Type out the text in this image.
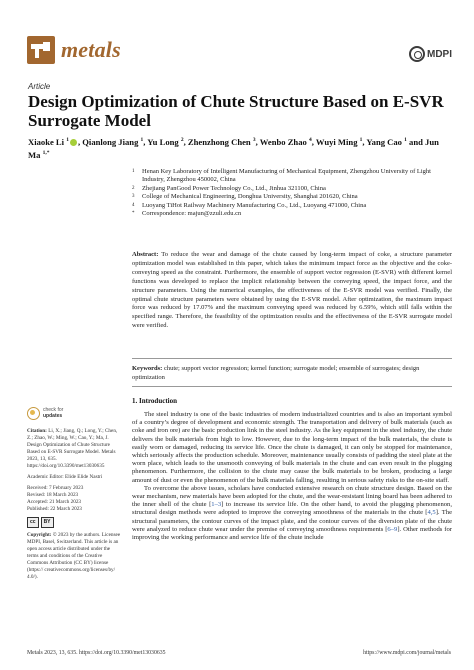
metals	MDPI
Article
Design Optimization of Chute Structure Based on E-SVR Surrogate Model
Xiaoke Li $^1$ , Qianlong Jiang $^1$, Yu Long $^2$, Zhenzhong Chen $^3$, Wenbo Zhao $^4$, Wuyi Ming $^1$, Yang Cao $^1$ and Jun Ma $^{1,*}$
1	Henan Key Laboratory of Intelligent Manufacturing of Mechanical Equipment, Zhengzhou University of Light Industry, Zhengzhou 450002, China
2	Zhejiang PanGood Power Technology Co., Ltd., Jinhua 321100, China
3	College of Mechanical Engineering, Donghua University, Shanghai 201620, China
4	Luoyang TiHot Railway Machinery Manufacturing Co., Ltd., Luoyang 471000, China
*	Correspondence: majun@zzuli.edu.cn
Abstract: To reduce the wear and damage of the chute caused by long-term impact of coke, a structure parameter optimization model was established in this paper, which takes the minimum impact force as the objective and the coke-conveying speed as the constraint. Furthermore, the ensemble of support vector regression (E-SVR) with different kernel functions was developed to replace the implicit relationship between the conveying speed, the impact force, and the structure parameters. Using the numerical examples, the effectiveness of the E-SVR model was verified. Finally, the optimal chute structure parameters were obtained by using the E-SVR model. After optimization, the maximum impact force was reduced by 17.07% and the maximum conveying speed was reduced by 6.59%, which still falls within the specified range. Therefore, the feasibility of the optimization results and the effectiveness of the E-SVR surrogate model were verified.
Keywords: chute; support vector regression; kernel function; surrogate model; ensemble of surrogates; design optimization
check for
updates
Citation: Li, X.; Jiang, Q.; Long, Y.; Chen, Z.; Zhao, W.; Ming, W.; Cao, Y.; Ma, J. Design Optimization of Chute Structure Based on E-SVR Surrogate Model. Metals 2023, 13, 635. https://doi.org/10.3390/met13030635
Academic Editor: Elide Elide Nastri
Received: 7 February 2023
Revised: 18 March 2023
Accepted: 21 March 2023
Published: 22 March 2023
cc	BY
Copyright: © 2023 by the authors. Licensee MDPI, Basel, Switzerland. This article is an open access article distributed under the terms and conditions of the Creative Commons Attribution (CC BY) license (https:// creativecommons.org/licenses/by/ 4.0/).
1. Introduction

The steel industry is one of the basic industries of modern industrialized countries and is also an important symbol of a country’s degree of development and economic strength. The transportation and delivery of bulk materials (such as coke and iron ore) are the basic production link in the steel industry. As the key equipment in the steel industry, the chute delivers the bulk materials from high to low. However, due to the long-term impact of the bulk materials, the chute is easily worn or damaged, reducing its service life. Once the chute is damaged, it can only be stopped for maintenance, which seriously affects the production schedule. Moreover, maintenance usually consists of padding the steel plate at the worn place, which leads to the unsmooth conveying of bulk materials in the chute and can even result in the plugging phenomenon. Furthermore, the collision to the chute may cause the bulk materials to be broken, producing a large amount of dust or even the phenomenon of the bulk materials falling, resulting in serious safety risks to the on-site staff.

To overcome the above issues, scholars have conducted extensive research on chute structure design. Based on the wear mechanism, new materials have been adopted for the chute, and the wear-resistant lining board has been adhered to the inner shell of the chute [1–3] to increase its service life. On the other hand, to avoid the plugging phenomenon, structural design methods were adopted to improve the conveying smoothness of the materials in the chute [4,5]. The structural parameters, the contour curves of the impact plate, and the contour curves of the diversion plate of the chute were analyzed to reduce chute wear under the premise of conveying smoothness requirements [6–9]. Other methods for improving the working performance and service life of the chute include

Metals 2023, 13, 635. https://doi.org/10.3390/met13030635	https://www.mdpi.com/journal/metals
